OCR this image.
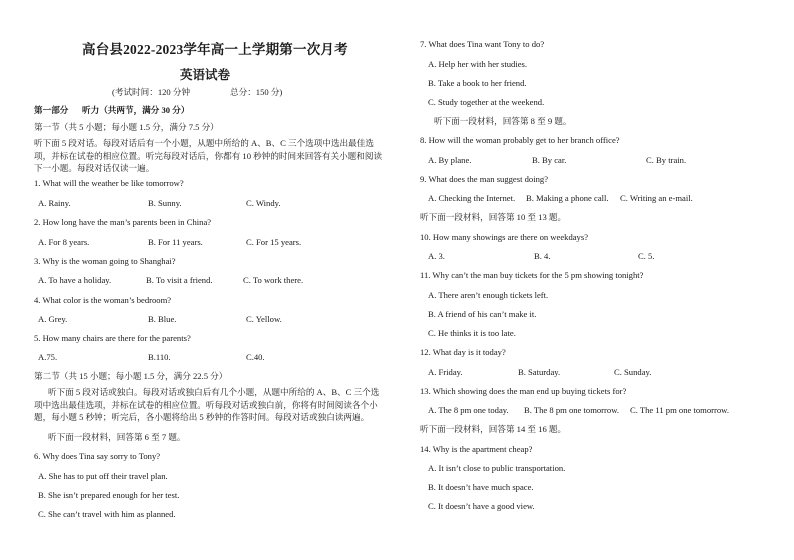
高台县2022-2023学年高一上学期第一次月考
英语试卷
(考试时间：120 分钟	总分：150 分)
第一部分 听力（共两节，满分 30 分）
第一节（共 5 小题；每小题 1.5 分，满分 7.5 分）
听下面 5 段对话。每段对话后有一个小题，从题中所给的 A、B、C 三个选项中选出最佳选项，并标在试卷的相应位置。听完每段对话后，你都有 10 秒钟的时间来回答有关小题和阅读下一小题。每段对话仅读一遍。
1. What will the weather be like tomorrow?
A. Rainy.	B. Sunny.	C. Windy.
2. How long have the man’s parents been in China?
A. For 8 years.	B. For 11 years.	C. For 15 years.
3. Why is the woman going to Shanghai?
A. To have a holiday.	B. To visit a friend.	C. To work there.
4. What color is the woman’s bedroom?
A. Grey.	B. Blue.	C. Yellow.
5. How many chairs are there for the parents?
A.75.	B.110.	C.40.
第二节（共 15 小题；每小题 1.5 分，满分 22.5 分）
听下面 5 段对话或独白。每段对话或独白后有几个小题，从题中所给的 A、B、C 三个选项中选出最佳选项，并标在试卷的相应位置。听每段对话或独白前，你将有时间阅读各个小题，每小题 5 秒钟；听完后，各小题将给出 5 秒钟的作答时间。每段对话或独白读两遍。
听下面一段材料，回答第 6 至 7 题。
6. Why does Tina say sorry to Tony?
A. She has to put off their travel plan.
B. She isn’t prepared enough for her test.
C. She can’t travel with him as planned.
7. What does Tina want Tony to do?
A. Help her with her studies.
B. Take a book to her friend.
C. Study together at the weekend.
听下面一段材料，回答第 8 至 9 题。
8. How will the woman probably get to her branch office?
A. By plane.	B. By car.	C. By train.
9. What does the man suggest doing?
A. Checking the Internet. B. Making a phone call. C. Writing an e-mail.
听下面一段材料，回答第 10 至 13 题。
10. How many showings are there on weekdays?
A. 3.	B. 4.	C. 5.
11. Why can’t the man buy tickets for the 5 pm showing tonight?
A. There aren’t enough tickets left.
B. A friend of his can’t make it.
C. He thinks it is too late.
12. What day is it today?
A. Friday.	B. Saturday.	C. Sunday.
13. Which showing does the man end up buying tickets for?
A. The 8 pm one today. B. The 8 pm one tomorrow. C. The 11 pm one tomorrow.
听下面一段材料，回答第 14 至 16 题。
14. Why is the apartment cheap?
A. It isn’t close to public transportation.
B. It doesn’t have much space.
C. It doesn’t have a good view.
